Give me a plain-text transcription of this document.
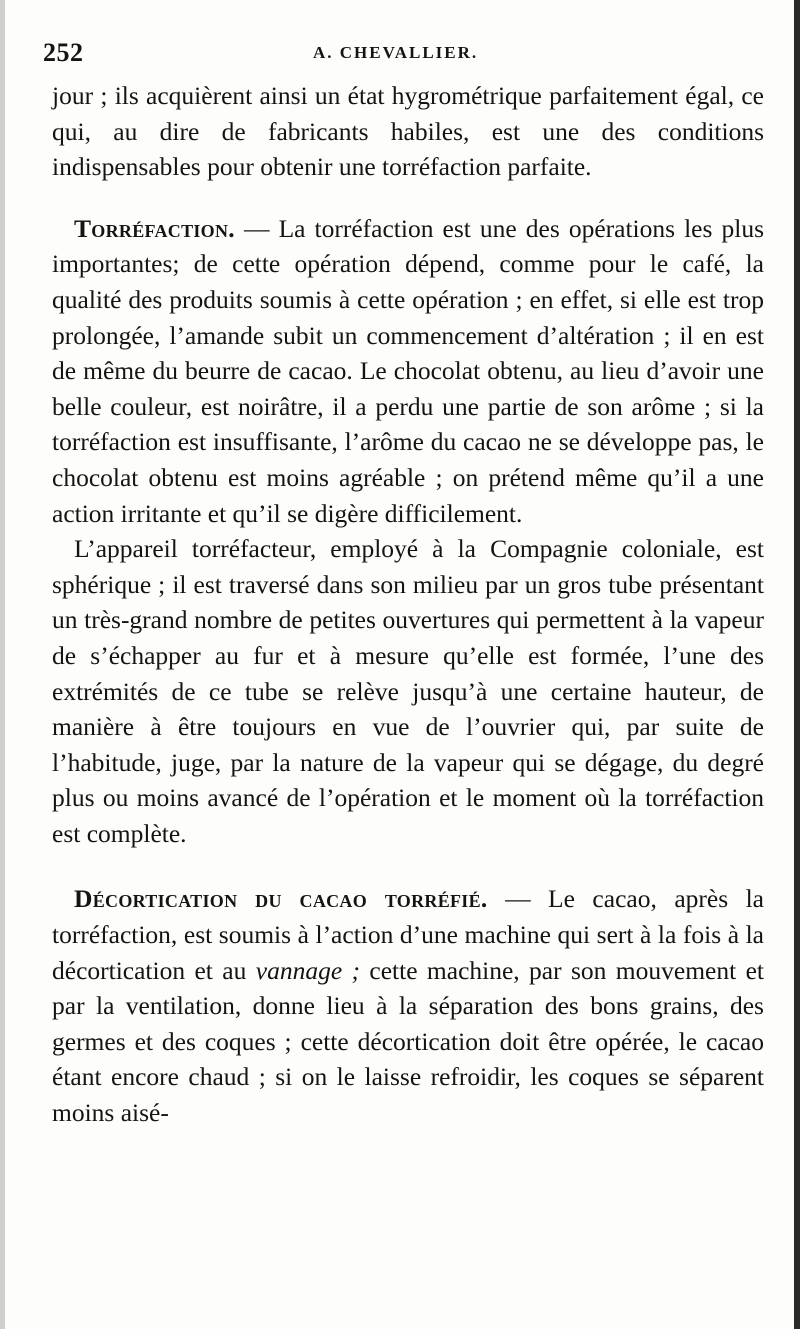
252	A. CHEVALLIER.

jour ; ils acquièrent ainsi un état hygrométrique parfaitement égal, ce qui, au dire de fabricants habiles, est une des conditions indispensables pour obtenir une torréfaction parfaite.

Torréfaction. — La torréfaction est une des opérations les plus importantes; de cette opération dépend, comme pour le café, la qualité des produits soumis à cette opération ; en effet, si elle est trop prolongée, l’amande subit un commencement d’altération ; il en est de même du beurre de cacao. Le chocolat obtenu, au lieu d’avoir une belle couleur, est noirâtre, il a perdu une partie de son arôme ; si la torréfaction est insuffisante, l’arôme du cacao ne se développe pas, le chocolat obtenu est moins agréable ; on prétend même qu’il a une action irritante et qu’il se digère difficilement.

L’appareil torréfacteur, employé à la Compagnie coloniale, est sphérique ; il est traversé dans son milieu par un gros tube présentant un très-grand nombre de petites ouvertures qui permettent à la vapeur de s’échapper au fur et à mesure qu’elle est formée, l’une des extrémités de ce tube se relève jusqu’à une certaine hauteur, de manière à être toujours en vue de l’ouvrier qui, par suite de l’habitude, juge, par la nature de la vapeur qui se dégage, du degré plus ou moins avancé de l’opération et le moment où la torréfaction est complète.

Décortication du cacao torréfié. — Le cacao, après la torréfaction, est soumis à l’action d’une machine qui sert à la fois à la décortication et au vannage ; cette machine, par son mouvement et par la ventilation, donne lieu à la séparation des bons grains, des germes et des coques ; cette décortication doit être opérée, le cacao étant encore chaud ; si on le laisse refroidir, les coques se séparent moins aisé-
